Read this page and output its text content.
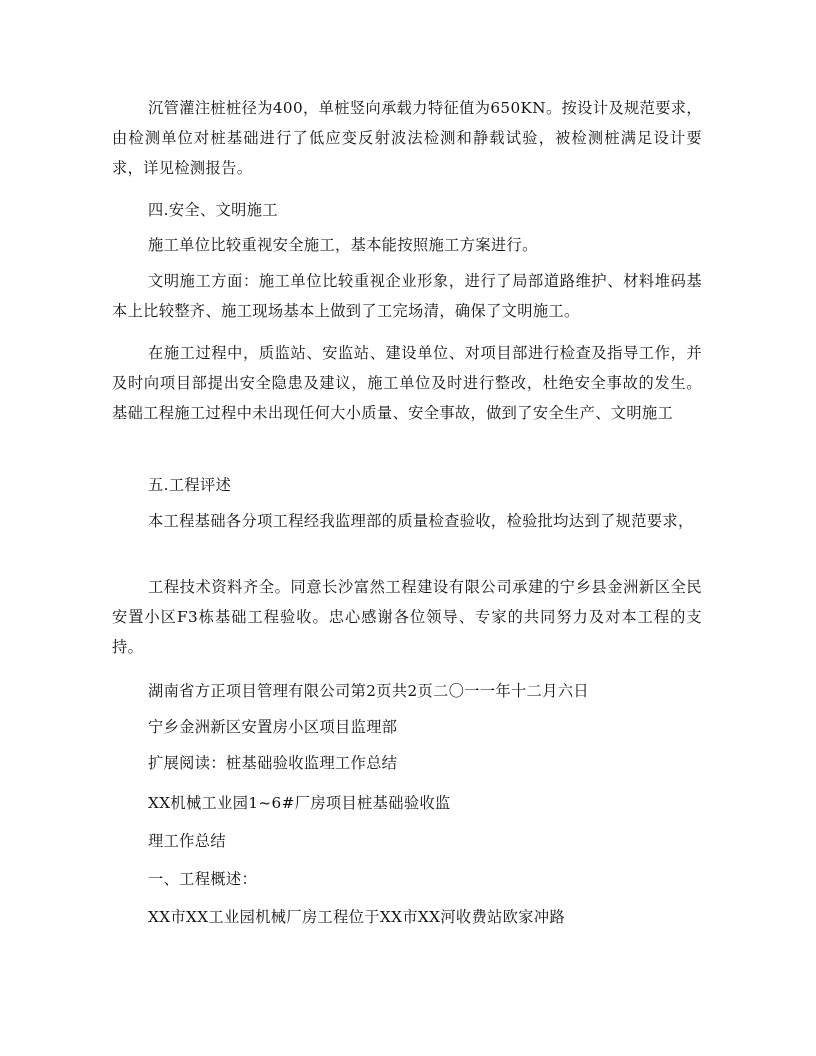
沉管灌注桩桩径为400，单桩竖向承载力特征值为650KN。按设计及规范要求，由检测单位对桩基础进行了低应变反射波法检测和静载试验，被检测桩满足设计要求，详见检测报告。

四.安全、文明施工

施工单位比较重视安全施工，基本能按照施工方案进行。

文明施工方面：施工单位比较重视企业形象，进行了局部道路维护、材料堆码基本上比较整齐、施工现场基本上做到了工完场清，确保了文明施工。

在施工过程中，质监站、安监站、建设单位、对项目部进行检查及指导工作，并及时向项目部提出安全隐患及建议，施工单位及时进行整改，杜绝安全事故的发生。基础工程施工过程中未出现任何大小质量、安全事故，做到了安全生产、文明施工

五.工程评述

本工程基础各分项工程经我监理部的质量检查验收，检验批均达到了规范要求，

工程技术资料齐全。同意长沙富然工程建设有限公司承建的宁乡县金洲新区全民安置小区F3栋基础工程验收。忠心感谢各位领导、专家的共同努力及对本工程的支持。

湖南省方正项目管理有限公司第2页共2页二〇一一年十二月六日

宁乡金洲新区安置房小区项目监理部

扩展阅读：桩基础验收监理工作总结

XX机械工业园1~6#厂房项目桩基础验收监

理工作总结

一、工程概述：

XX市XX工业园机械厂房工程位于XX市XX河收费站欧家冲路
